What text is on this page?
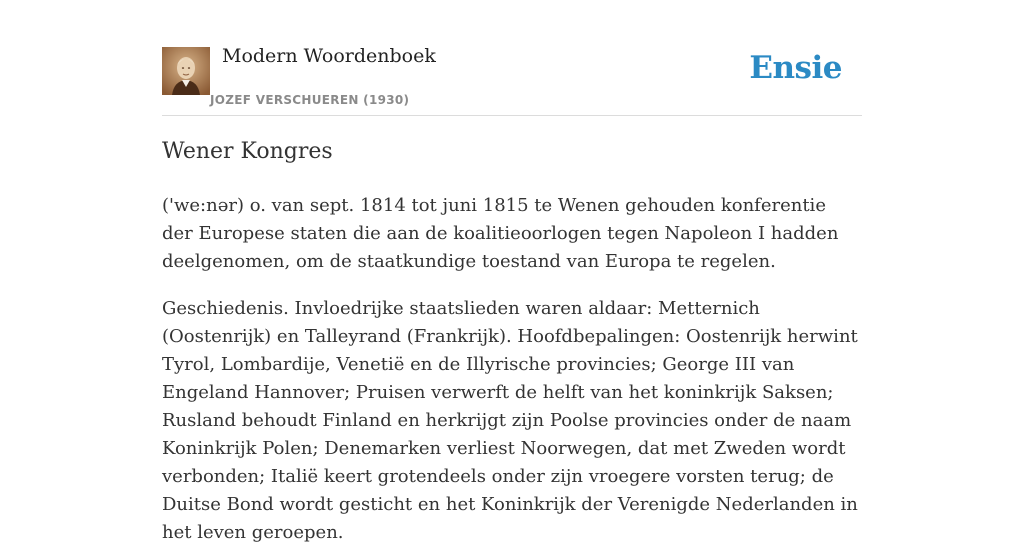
Modern Woordenboek
JOZEF VERSCHUEREN (1930)
Ensie
Wener Kongres

('we:nər) o. van sept. 1814 tot juni 1815 te Wenen gehouden konferentie der Europese staten die aan de koalitieoorlogen tegen Napoleon I hadden deelgenomen, om de staatkundige toestand van Europa te regelen.

Geschiedenis. Invloedrijke staatslieden waren aldaar: Metternich (Oostenrijk) en Talleyrand (Frankrijk). Hoofdbepalingen: Oostenrijk herwint Tyrol, Lombardije, Venetië en de Illyrische provincies; George III van Engeland Hannover; Pruisen verwerft de helft van het koninkrijk Saksen; Rusland behoudt Finland en herkrijgt zijn Poolse provincies onder de naam Koninkrijk Polen; Denemarken verliest Noorwegen, dat met Zweden wordt verbonden; Italië keert grotendeels onder zijn vroegere vorsten terug; de Duitse Bond wordt gesticht en het Koninkrijk der Verenigde Nederlanden in het leven geroepen.
